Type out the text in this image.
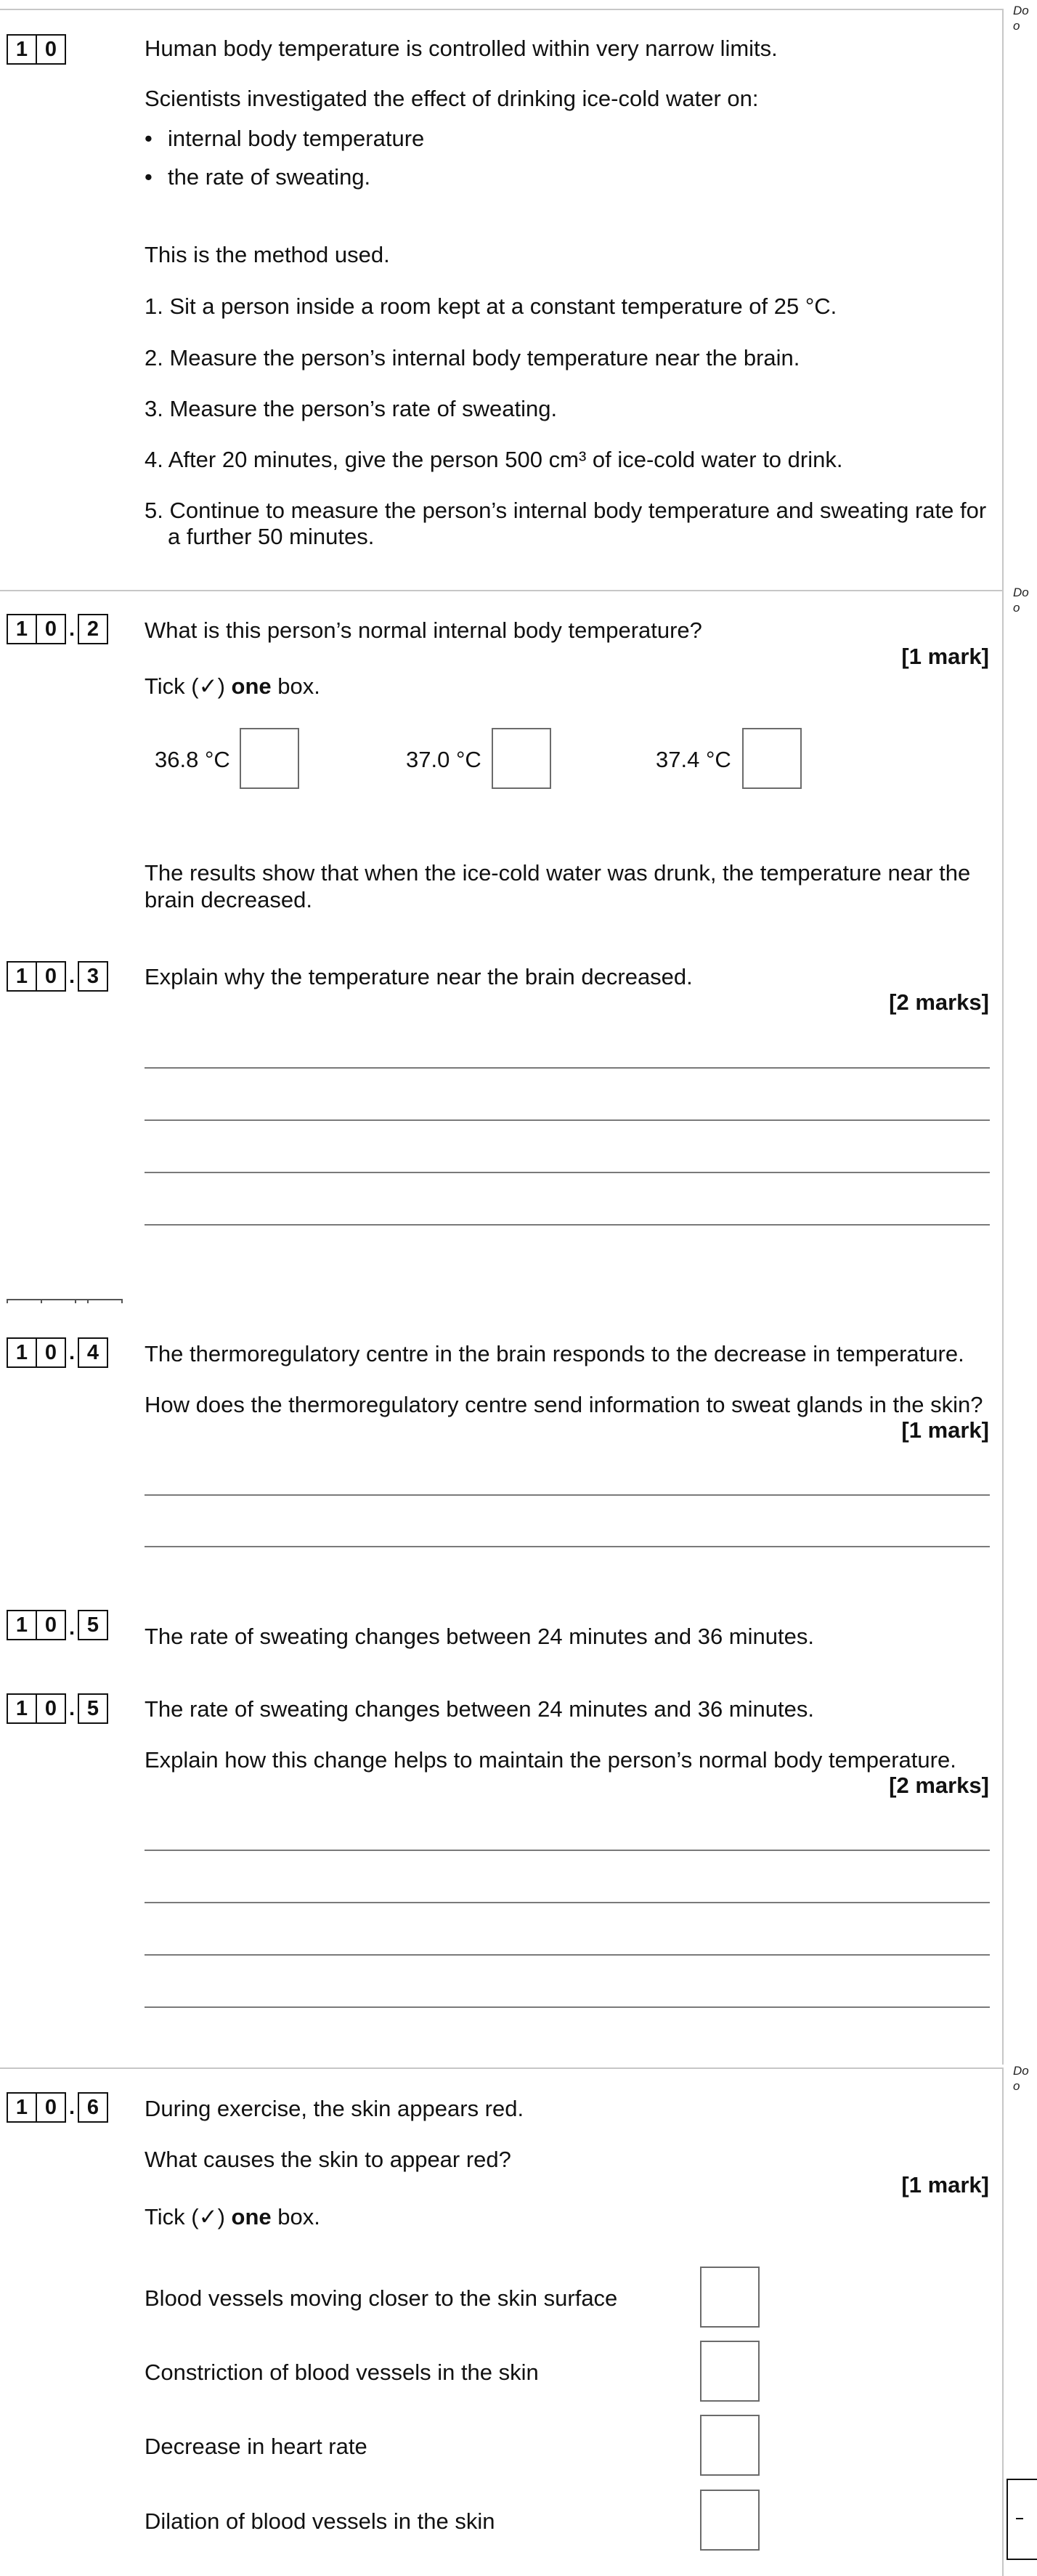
Do
o
1 0	Human body temperature is controlled within very narrow limits.
Scientists investigated the effect of drinking ice-cold water on:
• internal body temperature
• the rate of sweating.
This is the method used.
1. Sit a person inside a room kept at a constant temperature of 25 °C.
2. Measure the person’s internal body temperature near the brain.
3. Measure the person’s rate of sweating.
4. After 20 minutes, give the person 500 cm³ of ice-cold water to drink.
5. Continue to measure the person’s internal body temperature and sweating rate for
a further 50 minutes.
Do
o
1 0 . 2	What is this person’s normal internal body temperature?
[1 mark]
Tick (✓) one box.
36.8 °C	37.0 °C	37.4 °C
The results show that when the ice-cold water was drunk, the temperature near the brain decreased.
1 0 . 3	Explain why the temperature near the brain decreased.
[2 marks]
1 0 . 4	The thermoregulatory centre in the brain responds to the decrease in temperature.
How does the thermoregulatory centre send information to sweat glands in the skin?
[1 mark]
1 0 . 5	The rate of sweating changes between 24 minutes and 36 minutes.
1 0 . 5	The rate of sweating changes between 24 minutes and 36 minutes.
Explain how this change helps to maintain the person’s normal body temperature.
[2 marks]
Do
o
1 0 . 6	During exercise, the skin appears red.
What causes the skin to appear red?
[1 mark]
Tick (✓) one box.
Blood vessels moving closer to the skin surface
Constriction of blood vessels in the skin
Decrease in heart rate
Dilation of blood vessels in the skin
